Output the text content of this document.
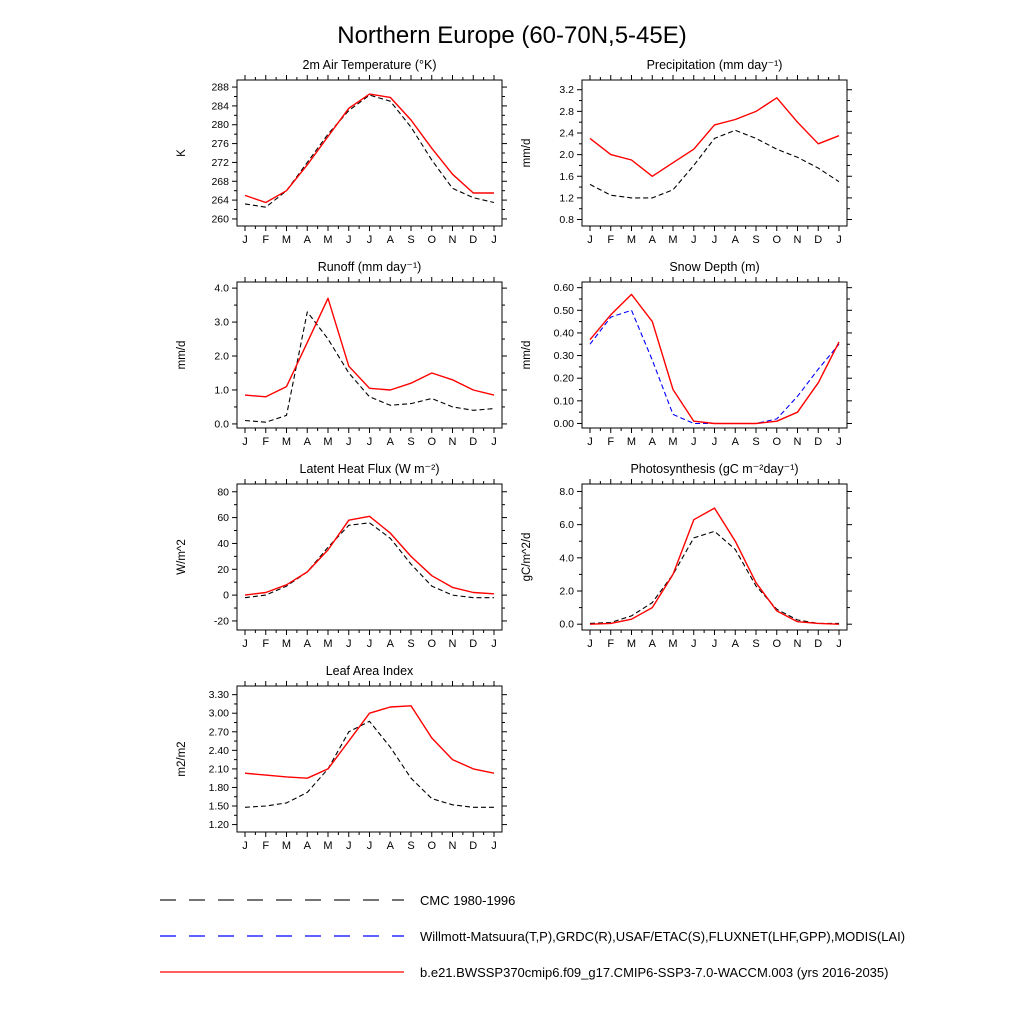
Northern Europe (60-70N,5-45E)
2m Air Temperature (°K)
K
260
264
268
272
276
280
284
288
J F M A M J J A S O N D J
Precipitation (mm day⁻¹)
mm/d
0.8
1.2
1.6
2.0
2.4
2.8
3.2
J F M A M J J A S O N D J
Runoff (mm day⁻¹)
mm/d
0.0
1.0
2.0
3.0
4.0
J F M A M J J A S O N D J
Snow Depth (m)
mm/d
0.00
0.10
0.20
0.30
0.40
0.50
0.60
J F M A M J J A S O N D J
Latent Heat Flux (W m⁻²)
W/m^2
-20
0
20
40
60
80
J F M A M J J A S O N D J
Photosynthesis (gC m⁻²day⁻¹)
gC/m^2/d
0.0
2.0
4.0
6.0
8.0
J F M A M J J A S O N D J
Leaf Area Index
m2/m2
1.20
1.50
1.80
2.10
2.40
2.70
3.00
3.30
J F M A M J J A S O N D J
CMC 1980-1996
Willmott-Matsuura(T,P),GRDC(R),USAF/ETAC(S),FLUXNET(LHF,GPP),MODIS(LAI)
b.e21.BWSSP370cmip6.f09_g17.CMIP6-SSP3-7.0-WACCM.003 (yrs 2016-2035)
